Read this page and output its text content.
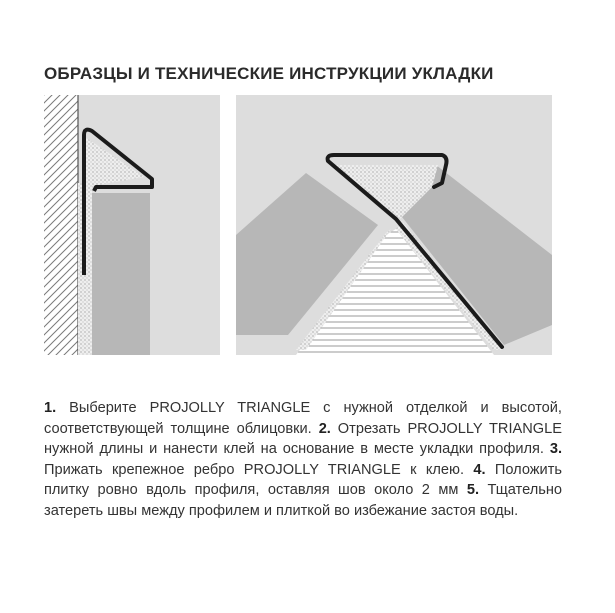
ОБРАЗЦЫ И ТЕХНИЧЕСКИЕ ИНСТРУКЦИИ УКЛАДКИ

1. Выберите PROJOLLY TRIANGLE с нужной отделкой и высотой, соответствующей толщине облицовки. 2. Отрезать PROJOLLY TRIANGLE нужной длины и нанести клей на основание в месте укладки профиля. 3. Прижать крепежное ребро PROJOLLY TRIANGLE к клею. 4. Положить плитку ровно вдоль профиля, оставляя шов около 2 мм 5. Тщательно затереть швы между профилем и плиткой во избежание застоя воды.
